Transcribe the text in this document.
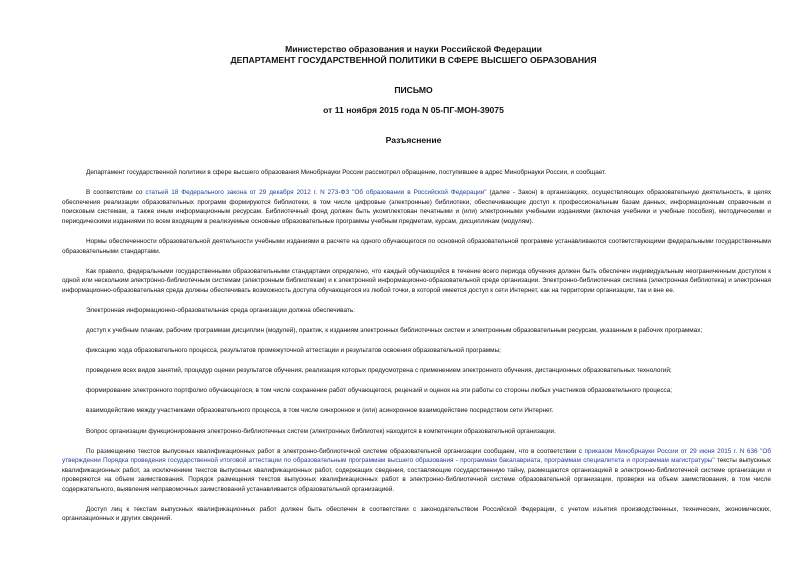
Министерство образования и науки Российской Федерации
ДЕПАРТАМЕНТ ГОСУДАРСТВЕННОЙ ПОЛИТИКИ В СФЕРЕ ВЫСШЕГО ОБРАЗОВАНИЯ
ПИСЬМО
от 11 ноября 2015 года N 05-ПГ-МОН-39075
Разъяснение

Департамент государственной политики в сфере высшего образования Минобрнауки России рассмотрел обращение, поступившее в адрес Минобрнауки России, и сообщает.

В соответствии со статьей 18 Федерального закона от 29 декабря 2012 г. N 273-ФЗ "Об образовании в Российской Федерации" (далее - Закон) в организациях, осуществляющих образовательную деятельность, в целях обеспечения реализации образовательных программ формируются библиотеки, в том числе цифровые (электронные) библиотеки, обеспечивающие доступ к профессиональным базам данных, информационным справочным и поисковым системам, а также иным информационным ресурсам. Библиотечный фонд должен быть укомплектован печатными и (или) электронными учебными изданиями (включая учебники и учебные пособия), методическими и периодическими изданиями по всем входящим в реализуемые основные образовательные программы учебным предметам, курсам, дисциплинам (модулям).

Нормы обеспеченности образовательной деятельности учебными изданиями в расчете на одного обучающегося по основной образовательной программе устанавливаются соответствующими федеральными государственными образовательными стандартами.

Как правило, федеральными государственными образовательными стандартами определено, что каждый обучающийся в течение всего периода обучения должен быть обеспечен индивидуальным неограниченным доступом к одной или нескольким электронно-библиотечным системам (электронным библиотекам) и к электронной информационно-образовательной среде организации. Электронно-библиотечная система (электронная библиотека) и электронная информационно-образовательная среда должны обеспечивать возможность доступа обучающегося из любой точки, в которой имеется доступ к сети Интернет, как на территории организации, так и вне ее.

Электронная информационно-образовательная среда организации должна обеспечивать:

доступ к учебным планам, рабочим программам дисциплин (модулей), практик, к изданиям электронных библиотечных систем и электронным образовательным ресурсам, указанным в рабочих программах;

фиксацию хода образовательного процесса, результатов промежуточной аттестации и результатов освоения образовательной программы;

проведение всех видов занятий, процедур оценки результатов обучения, реализация которых предусмотрена с применением электронного обучения, дистанционных образовательных технологий;

формирование электронного портфолио обучающегося, в том числе сохранение работ обучающегося, рецензий и оценок на эти работы со стороны любых участников образовательного процесса;

взаимодействие между участниками образовательного процесса, в том числе синхронное и (или) асинхронное взаимодействие посредством сети Интернет.

Вопрос организации функционирования электронно-библиотечных систем (электронных библиотек) находится в компетенции образовательной организации.

По размещению текстов выпускных квалификационных работ в электронно-библиотечной системе образовательной организации сообщаем, что в соответствии с приказом Минобрнауки России от 29 июня 2015 г. N 636 "Об утверждении Порядка проведения государственной итоговой аттестации по образовательным программам высшего образования - программам бакалавриата, программам специалитета и программам магистратуры" тексты выпускных квалификационных работ, за исключением текстов выпускных квалификационных работ, содержащих сведения, составляющие государственную тайну, размещаются организацией в электронно-библиотечной системе организации и проверяются на объем заимствования. Порядок размещения текстов выпускных квалификационных работ в электронно-библиотечной системе образовательной организации, проверки на объем заимствования, в том числе содержательного, выявления неправомочных заимствований устанавливается образовательной организацией.

Доступ лиц к текстам выпускных квалификационных работ должен быть обеспечен в соответствии с законодательством Российской Федерации, с учетом изъятия производственных, технических, экономических, организационных и других сведений.
